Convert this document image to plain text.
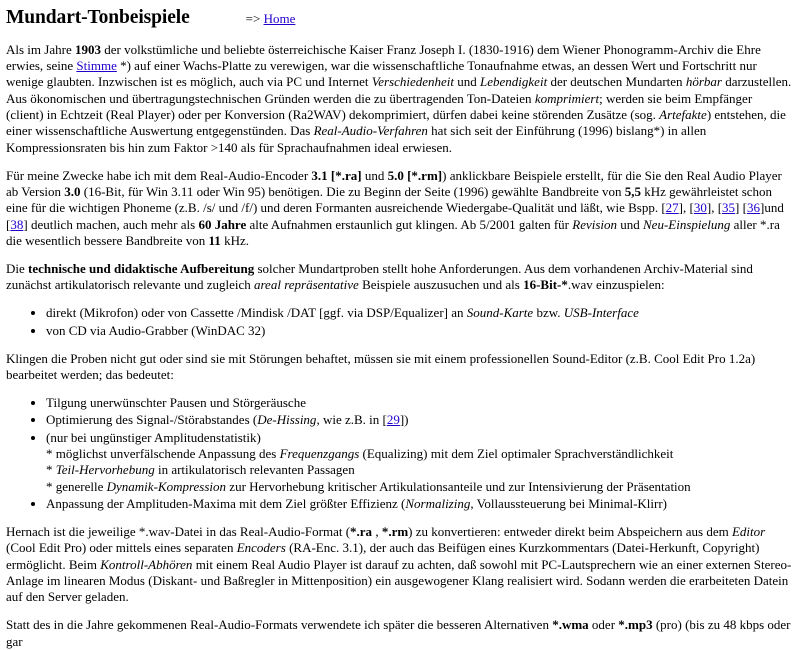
Mundart-Tonbeispiele	=> Home

Als im Jahre 1903 der volkstümliche und beliebte österreichische Kaiser Franz Joseph I. (1830-1916) dem Wiener Phonogramm-Archiv die Ehre erwies, seine Stimme *) auf einer Wachs-Platte zu verewigen, war die wissenschaftliche Tonaufnahme etwas, an dessen Wert und Fortschritt nur wenige glaubten. Inzwischen ist es möglich, auch via PC und Internet Verschiedenheit und Lebendigkeit der deutschen Mundarten hörbar darzustellen. Aus ökonomischen und übertragungstechnischen Gründen werden die zu übertragenden Ton-Dateien komprimiert; werden sie beim Empfänger (client) in Echtzeit (Real Player) oder per Konversion (Ra2WAV) dekomprimiert, dürfen dabei keine störenden Zusätze (sog. Artefakte) entstehen, die einer wissenschaftliche Auswertung entgegenstünden. Das Real-Audio-Verfahren hat sich seit der Einführung (1996) bislang*) in allen Kompressionsraten bis hin zum Faktor >140 als für Sprachaufnahmen ideal erwiesen.

Für meine Zwecke habe ich mit dem Real-Audio-Encoder 3.1 [*.ra] und 5.0 [*.rm]) anklickbare Beispiele erstellt, für die Sie den Real Audio Player ab Version 3.0 (16-Bit, für Win 3.11 oder Win 95) benötigen. Die zu Beginn der Seite (1996) gewählte Bandbreite von 5,5 kHz gewährleistet schon eine für die wichtigen Phoneme (z.B. /s/ und /f/) und deren Formanten ausreichende Wiedergabe-Qualität und läßt, wie Bspp. [27], [30], [35] [36]und [38] deutlich machen, auch mehr als 60 Jahre alte Aufnahmen erstaunlich gut klingen. Ab 5/2001 galten für Revision und Neu-Einspielung aller *.ra die wesentlich bessere Bandbreite von 11 kHz.

Die technische und didaktische Aufbereitung solcher Mundartproben stellt hohe Anforderungen. Aus dem vorhandenen Archiv-Material sind zunächst artikulatorisch relevante und zugleich areal repräsentative Beispiele auszusuchen und als 16-Bit-*.wav einzuspielen:

• direkt (Mikrofon) oder von Cassette /Mindisk /DAT [ggf. via DSP/Equalizer] an Sound-Karte bzw. USB-Interface
• von CD via Audio-Grabber (WinDAC 32)

Klingen die Proben nicht gut oder sind sie mit Störungen behaftet, müssen sie mit einem professionellen Sound-Editor (z.B. Cool Edit Pro 1.2a) bearbeitet werden; das bedeutet:

• Tilgung unerwünschter Pausen und Störgeräusche
• Optimierung des Signal-/Störabstandes (De-Hissing, wie z.B. in [29])
• (nur bei ungünstiger Amplitudenstatistik)
* möglichst unverfälschende Anpassung des Frequenzgangs (Equalizing) mit dem Ziel optimaler Sprachverständlichkeit
* Teil-Hervorhebung in artikulatorisch relevanten Passagen
* generelle Dynamik-Kompression zur Hervorhebung kritischer Artikulationsanteile und zur Intensivierung der Präsentation
• Anpassung der Amplituden-Maxima mit dem Ziel größter Effizienz (Normalizing, Vollaussteuerung bei Minimal-Klirr)

Hernach ist die jeweilige *.wav-Datei in das Real-Audio-Format (*.ra , *.rm) zu konvertieren: entweder direkt beim Abspeichern aus dem Editor (Cool Edit Pro) oder mittels eines separaten Encoders (RA-Enc. 3.1), der auch das Beifügen eines Kurzkommentars (Datei-Herkunft, Copyright) ermöglicht. Beim Kontroll-Abhören mit einem Real Audio Player ist darauf zu achten, daß sowohl mit PC-Lautsprechern wie an einer externen Stereo-Anlage im linearen Modus (Diskant- und Baßregler in Mittenposition) ein ausgewogener Klang realisiert wird. Sodann werden die erarbeiteten Datein auf den Server geladen.

Statt des in die Jahre gekommenen Real-Audio-Formats verwendete ich später die besseren Alternativen *.wma oder *.mp3 (pro) (bis zu 48 kbps oder gar
